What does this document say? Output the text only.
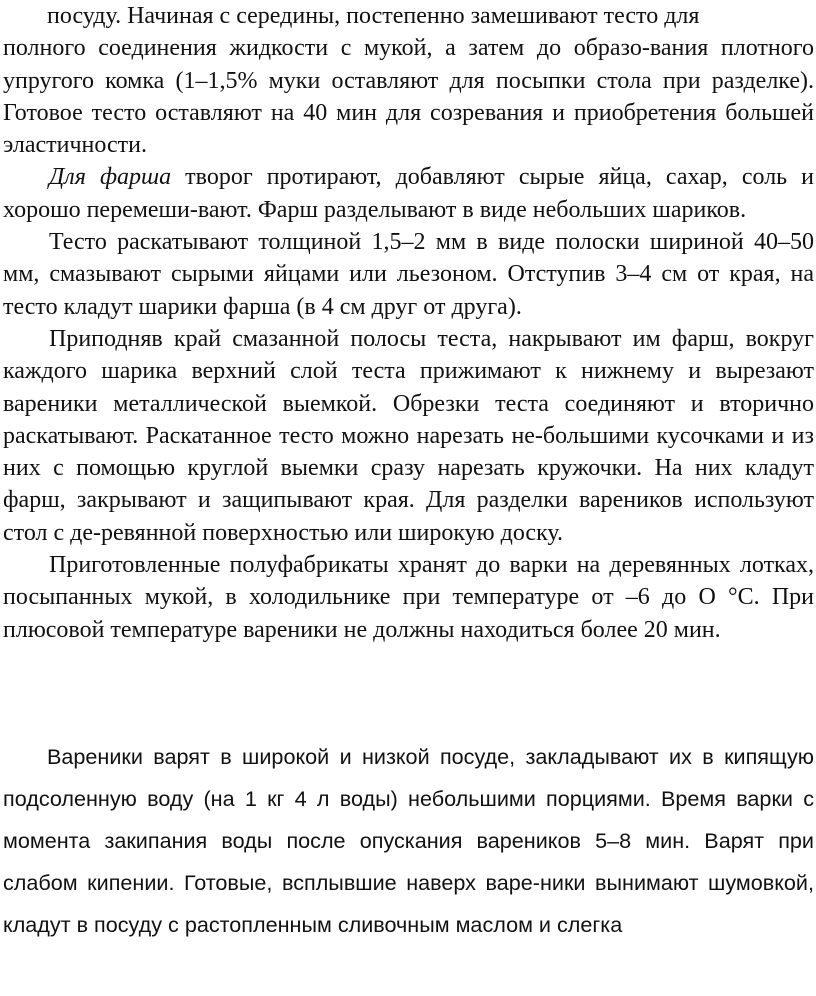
посуду. Начиная с середины, постепенно замешивают тесто для

полного соединения жидкости с мукой, а затем до образо-вания плотного упругого комка (1–1,5% муки оставляют для посыпки стола при разделке). Готовое тесто оставляют на 40 мин для созревания и приобретения большей эластичности.

Для фарша творог протирают, добавляют сырые яйца, сахар, соль и хорошо перемеши-вают. Фарш разделывают в виде небольших шариков.

Тесто раскатывают толщиной 1,5–2 мм в виде полоски шириной 40–50 мм, смазывают сырыми яйцами или льезоном. Отступив 3–4 см от края, на тесто кладут шарики фарша (в 4 см друг от друга).

Приподняв край смазанной полосы теста, накрывают им фарш, вокруг каждого шарика верхний слой теста прижимают к нижнему и вырезают вареники металлической выемкой. Обрезки теста соединяют и вторично раскатывают. Раскатанное тесто можно нарезать не-большими кусочками и из них с помощью круглой выемки сразу нарезать кружочки. На них кладут фарш, закрывают и защипывают края. Для разделки вареников используют стол с де-ревянной поверхностью или широкую доску.

Приготовленные полуфабрикаты хранят до варки на деревянных лотках, посыпанных мукой, в холодильнике при температуре от –6 до О °С. При плюсовой температуре вареники не должны находиться более 20 мин.

Вареники варят в широкой и низкой посуде, закладывают их в кипящую подсоленную воду (на 1 кг 4 л воды) небольшими порциями. Время варки с момента закипания воды после опускания вареников 5–8 мин. Варят при слабом кипении. Готовые, всплывшие наверх варе-ники вынимают шумовкой, кладут в посуду с растопленным сливочным маслом и слегка
